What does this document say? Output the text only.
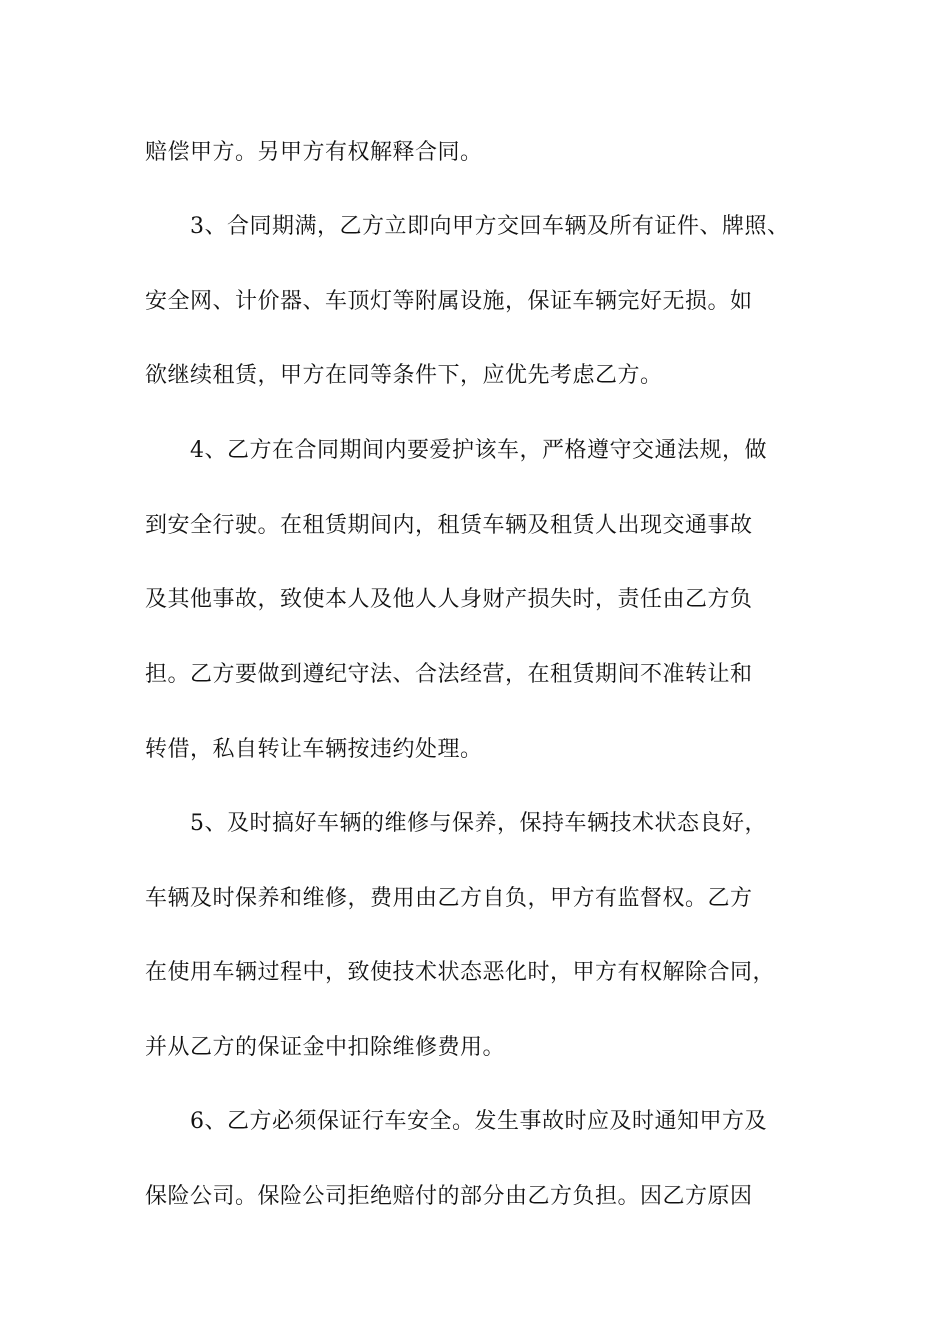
赔偿甲方。另甲方有权解释合同。
3、合同期满，乙方立即向甲方交回车辆及所有证件、牌照、
安全网、计价器、车顶灯等附属设施，保证车辆完好无损。如
欲继续租赁，甲方在同等条件下，应优先考虑乙方。
4、乙方在合同期间内要爱护该车，严格遵守交通法规，做
到安全行驶。在租赁期间内，租赁车辆及租赁人出现交通事故
及其他事故，致使本人及他人人身财产损失时，责任由乙方负
担。乙方要做到遵纪守法、合法经营，在租赁期间不准转让和
转借，私自转让车辆按违约处理。
5、及时搞好车辆的维修与保养，保持车辆技术状态良好，
车辆及时保养和维修，费用由乙方自负，甲方有监督权。乙方
在使用车辆过程中，致使技术状态恶化时，甲方有权解除合同，
并从乙方的保证金中扣除维修费用。
6、乙方必须保证行车安全。发生事故时应及时通知甲方及
保险公司。保险公司拒绝赔付的部分由乙方负担。因乙方原因
